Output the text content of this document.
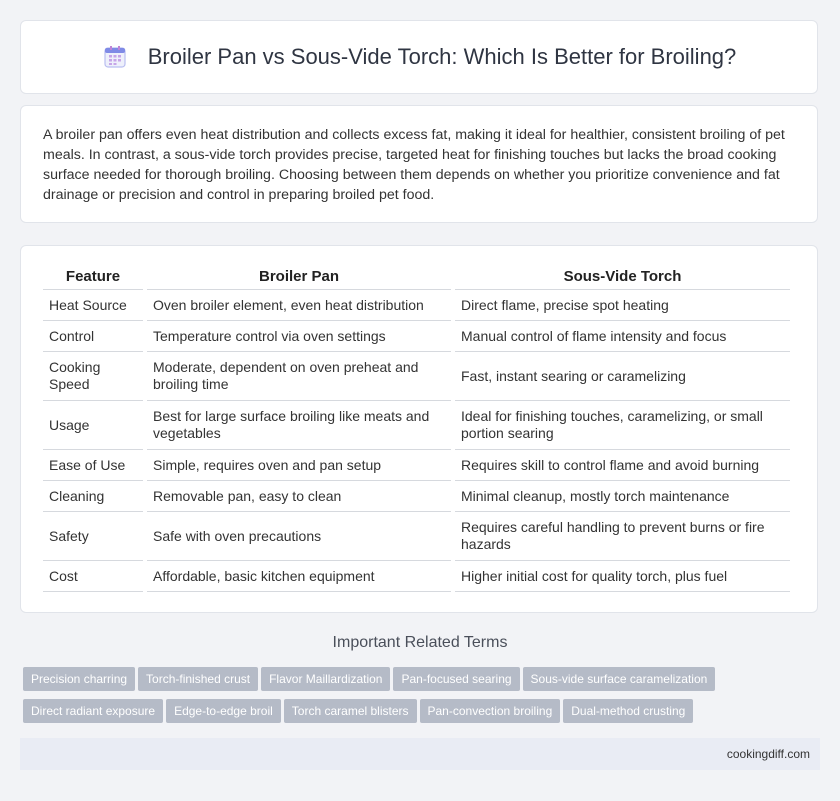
Broiler Pan vs Sous-Vide Torch: Which Is Better for Broiling?

A broiler pan offers even heat distribution and collects excess fat, making it ideal for healthier, consistent broiling of pet meals. In contrast, a sous-vide torch provides precise, targeted heat for finishing touches but lacks the broad cooking surface needed for thorough broiling. Choosing between them depends on whether you prioritize convenience and fat drainage or precision and control in preparing broiled pet food.

Feature	Broiler Pan	Sous-Vide Torch
Heat Source	Oven broiler element, even heat distribution	Direct flame, precise spot heating
Control	Temperature control via oven settings	Manual control of flame intensity and focus
Cooking Speed	Moderate, dependent on oven preheat and broiling time	Fast, instant searing or caramelizing
Usage	Best for large surface broiling like meats and vegetables	Ideal for finishing touches, caramelizing, or small portion searing
Ease of Use	Simple, requires oven and pan setup	Requires skill to control flame and avoid burning
Cleaning	Removable pan, easy to clean	Minimal cleanup, mostly torch maintenance
Safety	Safe with oven precautions	Requires careful handling to prevent burns or fire hazards
Cost	Affordable, basic kitchen equipment	Higher initial cost for quality torch, plus fuel
Important Related Terms
Precision charring Torch-finished crust Flavor Maillardization Pan-focused searing Sous-vide surface caramelization
Direct radiant exposure Edge-to-edge broil Torch caramel blisters Pan-convection broiling Dual-method crusting
cookingdiff.com
